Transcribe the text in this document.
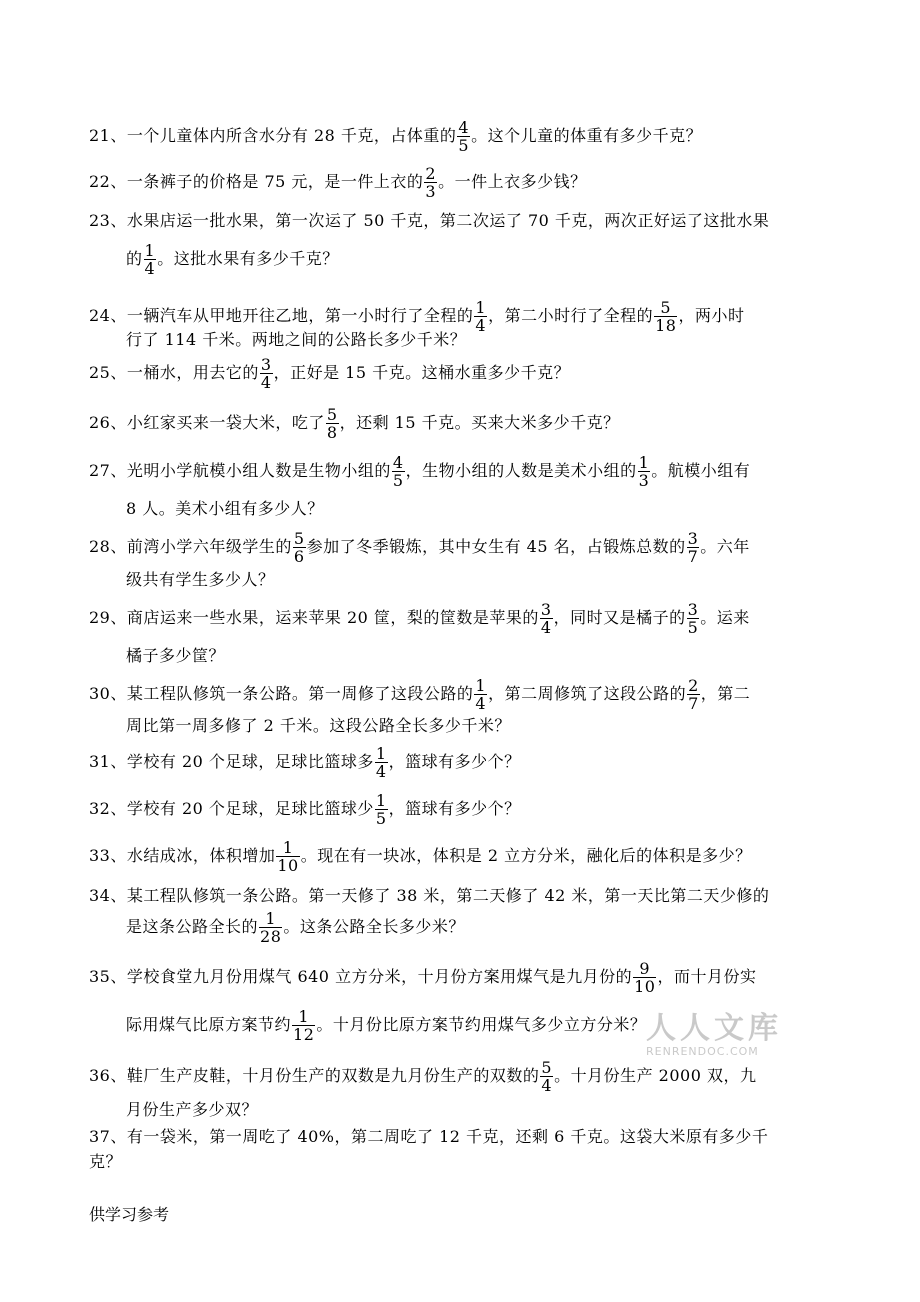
21、一个儿童体内所含水分有 28 千克，占体重的 $\frac{4}{5}$ 。这个儿童的体重有多少千克？
22、一条裤子的价格是 75 元，是一件上衣的 $\frac{2}{3}$ 。一件上衣多少钱？
23、水果店运一批水果，第一次运了 50 千克，第二次运了 70 千克，两次正好运了这批水果
的 $\frac{1}{4}$ 。这批水果有多少千克？
24、一辆汽车从甲地开往乙地，第一小时行了全程的 $\frac{1}{4}$ ，第二小时行了全程的 $\frac{5}{18}$ ，两小时
行了 114 千米。两地之间的公路长多少千米？
25、一桶水，用去它的 $\frac{3}{4}$ ，正好是 15 千克。这桶水重多少千克？
26、小红家买来一袋大米，吃了 $\frac{5}{8}$ ，还剩 15 千克。买来大米多少千克？
27、光明小学航模小组人数是生物小组的 $\frac{4}{5}$ ，生物小组的人数是美术小组的 $\frac{1}{3}$ 。航模小组有
8 人。美术小组有多少人？
28、前湾小学六年级学生的 $\frac{5}{6}$ 参加了冬季锻炼，其中女生有 45 名，占锻炼总数的 $\frac{3}{7}$ 。六年
级共有学生多少人？
29、商店运来一些水果，运来苹果 20 筐，梨的筐数是苹果的 $\frac{3}{4}$ ，同时又是橘子的 $\frac{3}{5}$ 。运来
橘子多少筐？
30、某工程队修筑一条公路。第一周修了这段公路的 $\frac{1}{4}$ ，第二周修筑了这段公路的 $\frac{2}{7}$ ，第二
周比第一周多修了 2 千米。这段公路全长多少千米？
31、学校有 20 个足球，足球比篮球多 $\frac{1}{4}$ ，篮球有多少个？
32、学校有 20 个足球，足球比篮球少 $\frac{1}{5}$ ，篮球有多少个？
33、水结成冰，体积增加 $\frac{1}{10}$ 。现在有一块冰，体积是 2 立方分米，融化后的体积是多少？
34、某工程队修筑一条公路。第一天修了 38 米，第二天修了 42 米，第一天比第二天少修的
是这条公路全长的 $\frac{1}{28}$ 。这条公路全长多少米？
35、学校食堂九月份用煤气 640 立方分米，十月份方案用煤气是九月份的 $\frac{9}{10}$ ，而十月份实
际用煤气比原方案节约 $\frac{1}{12}$ 。十月份比原方案节约用煤气多少立方分米？
36、鞋厂生产皮鞋，十月份生产的双数是九月份生产的双数的 $\frac{5}{4}$ 。十月份生产 2000 双，九
月份生产多少双？
37、有一袋米，第一周吃了 40%，第二周吃了 12 千克，还剩 6 千克。这袋大米原有多少千
克？
人人文库
RENRENDOC.COM
供学习参考
